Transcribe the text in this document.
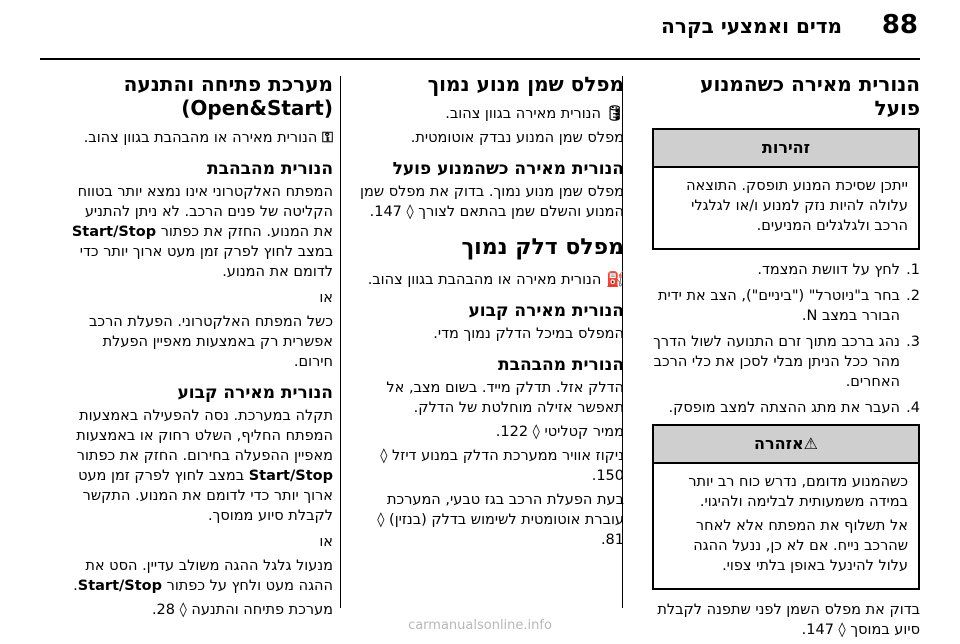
88
מדים ואמצעי בקרה
הנורית מאירה כשהמנוע פועל
זהירות

ייתכן שסיכת המנוע תופסק. התוצאה עלולה להיות נזק למנוע ו/או לגלגלי הרכב ולגלגלים המניעים.

1.
לחץ על דוושת המצמד.
2.
בחר ב"ניוטרל" ("ביניים"), הצב את ידית הבורר במצב N.
3.
נהג ברכב מתוך זרם התנועה לשול הדרך מהר ככל הניתן מבלי לסכן את כלי הרכב האחרים.
4.
העבר את מתג ההצתה למצב מופסק.
⚠אזהרה

כשהמנוע מדומם, נדרש כוח רב יותר במידה משמעותית לבלימה ולהיגוי.

אל תשלוף את המפתח אלא לאחר שהרכב נייח. אם לא כן, ננעל ההגה עלול להינעל באופן בלתי צפוי.

בדוק את מפלס השמן לפני שתפנה לקבלת סיוע במוסך ◊ 147.

מפלס שמן מנוע נמוך

🛢 הנורית מאירה בגוון צהוב.

מפלס שמן המנוע נבדק אוטומטית.

הנורית מאירה כשהמנוע פועל

מפלס שמן מנוע נמוך. בדוק את מפלס שמן המנוע והשלם שמן בהתאם לצורך ◊ 147.

מפלס דלק נמוך

⛽ הנורית מאירה או מהבהבת בגוון צהוב.

הנורית מאירה קבוע

המפלס במיכל הדלק נמוך מדי.

הנורית מהבהבת

הדלק אזל. תדלק מייד. בשום מצב, אל תאפשר אזילה מוחלטת של הדלק.

ממיר קטליטי ◊ 122.

ניקוז אוויר ממערכת הדלק במנוע דיזל ◊ 150.

בעת הפעלת הרכב בגז טבעי, המערכת עוברת אוטומטית לשימוש בדלק (בנזין) ◊ 81.

מערכת פתיחה והתנעה
(Open&Start)

⚿ הנורית מאירה או מהבהבת בגוון צהוב.

הנורית מהבהבת

המפתח האלקטרוני אינו נמצא יותר בטווח הקליטה של פנים הרכב. לא ניתן להתניע את המנוע. החזק את כפתור Start/Stop במצב לחוץ לפרק זמן מעט ארוך יותר כדי לדומם את המנוע.

או

כשל המפתח האלקטרוני. הפעלת הרכב אפשרית רק באמצעות מאפיין הפעלת חירום.

הנורית מאירה קבוע

תקלה במערכת. נסה להפעילה באמצעות המפתח החליף, השלט רחוק או באמצעות מאפיין ההפעלה בחירום. החזק את כפתור Start/Stop במצב לחוץ לפרק זמן מעט ארוך יותר כדי לדומם את המנוע. התקשר לקבלת סיוע ממוסך.

או

מנעול גלגל ההגה משולב עדיין. הסט את ההגה מעט ולחץ על כפתור Start/Stop.

מערכת פתיחה והתנעה ◊ 28.

carmanualsonline.info
